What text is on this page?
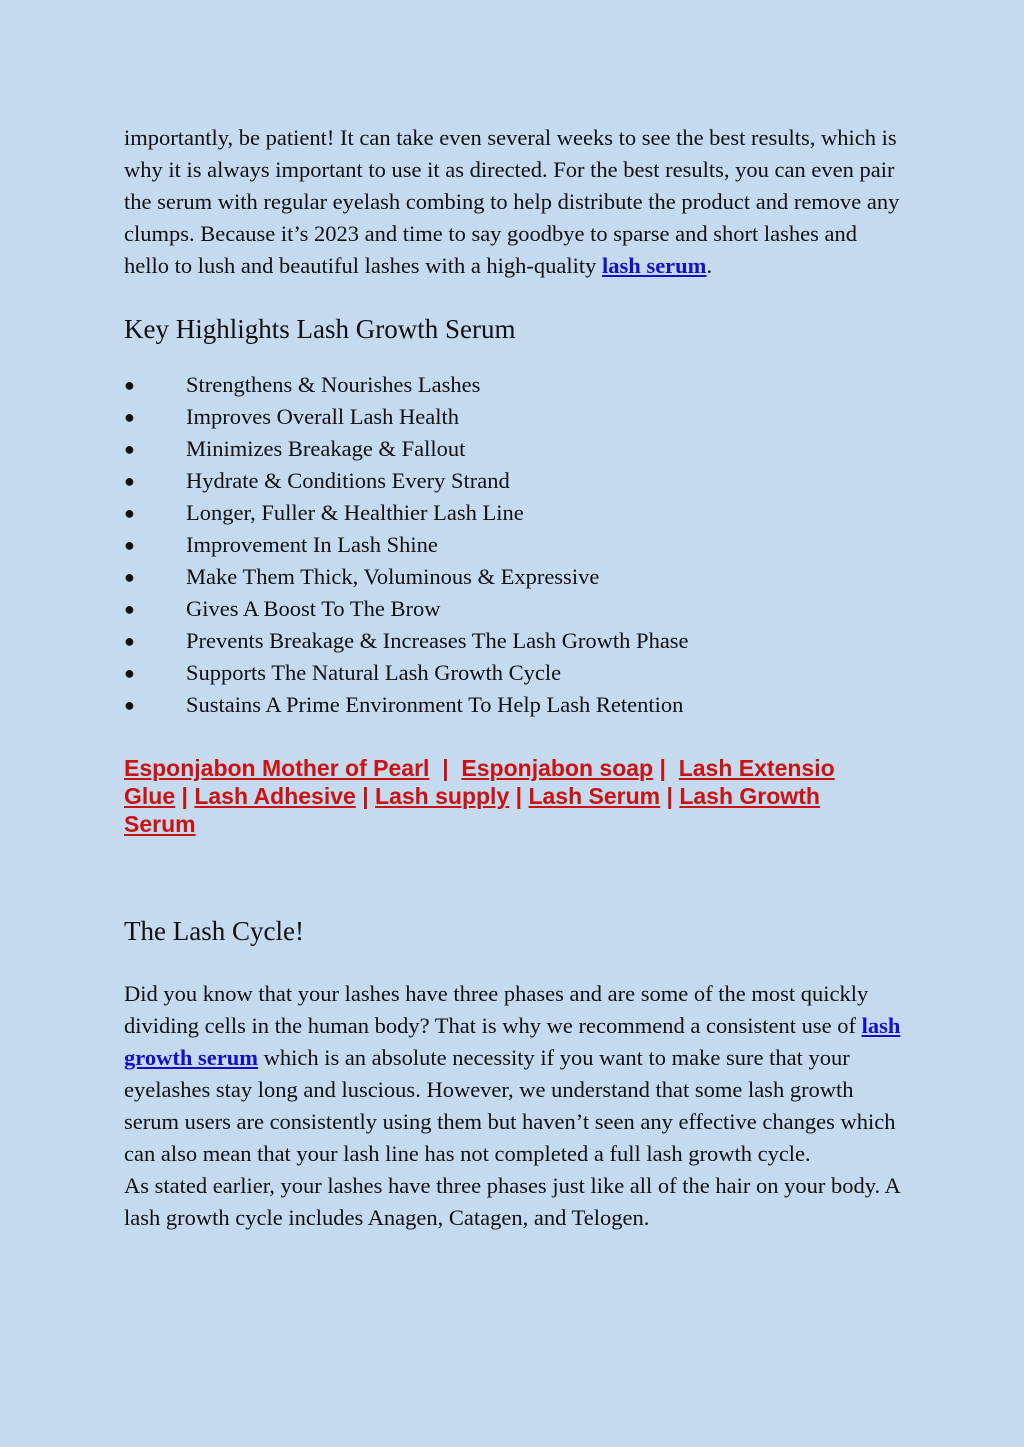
importantly, be patient! It can take even several weeks to see the best results, which is why it is always important to use it as directed. For the best results, you can even pair the serum with regular eyelash combing to help distribute the product and remove any clumps. Because it’s 2023 and time to say goodbye to sparse and short lashes and hello to lush and beautiful lashes with a high-quality lash serum.

Key Highlights Lash Growth Serum
● Strengthens & Nourishes Lashes
● Improves Overall Lash Health
● Minimizes Breakage & Fallout
● Hydrate & Conditions Every Strand
● Longer, Fuller & Healthier Lash Line
● Improvement In Lash Shine
● Make Them Thick, Voluminous & Expressive
● Gives A Boost To The Brow
● Prevents Breakage & Increases The Lash Growth Phase
● Supports The Natural Lash Growth Cycle
● Sustains A Prime Environment To Help Lash Retention
Esponjabon Mother of Pearl | Esponjabon soap | Lash Extensio Glue | Lash Adhesive | Lash supply | Lash Serum | Lash Growth Serum
The Lash Cycle!

Did you know that your lashes have three phases and are some of the most quickly dividing cells in the human body? That is why we recommend a consistent use of lash growth serum which is an absolute necessity if you want to make sure that your eyelashes stay long and luscious. However, we understand that some lash growth serum users are consistently using them but haven’t seen any effective changes which can also mean that your lash line has not completed a full lash growth cycle.
As stated earlier, your lashes have three phases just like all of the hair on your body. A lash growth cycle includes Anagen, Catagen, and Telogen.
